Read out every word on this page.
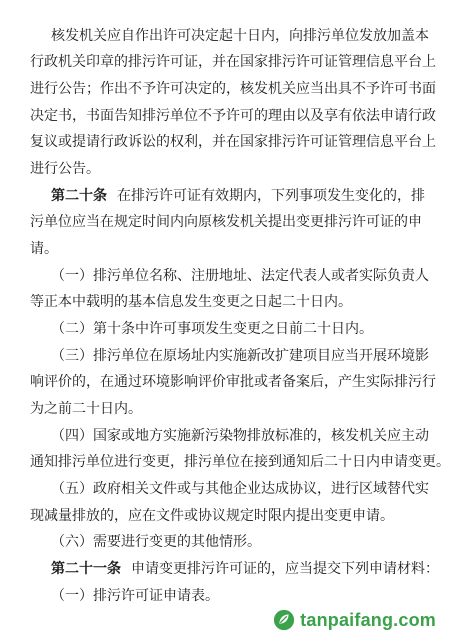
核发机关应自作出许可决定起十日内，向排污单位发放加盖本
行政机关印章的排污许可证，并在国家排污许可证管理信息平台上
进行公告；作出不予许可决定的，核发机关应当出具不予许可书面
决定书，书面告知排污单位不予许可的理由以及享有依法申请行政
复议或提请行政诉讼的权利，并在国家排污许可证管理信息平台上
进行公告。
第二十条 在排污许可证有效期内，下列事项发生变化的，排
污单位应当在规定时间内向原核发机关提出变更排污许可证的申
请。
（一）排污单位名称、注册地址、法定代表人或者实际负责人
等正本中载明的基本信息发生变更之日起二十日内。
（二）第十条中许可事项发生变更之日前二十日内。
（三）排污单位在原场址内实施新改扩建项目应当开展环境影
响评价的，在通过环境影响评价审批或者备案后，产生实际排污行
为之前二十日内。
（四）国家或地方实施新污染物排放标准的，核发机关应主动
通知排污单位进行变更，排污单位在接到通知后二十日内申请变更。
（五）政府相关文件或与其他企业达成协议，进行区域替代实
现减量排放的，应在文件或协议规定时限内提出变更申请。
（六）需要进行变更的其他情形。
第二十一条 申请变更排污许可证的，应当提交下列申请材料：
（一）排污许可证申请表。
tanpaifang.com
